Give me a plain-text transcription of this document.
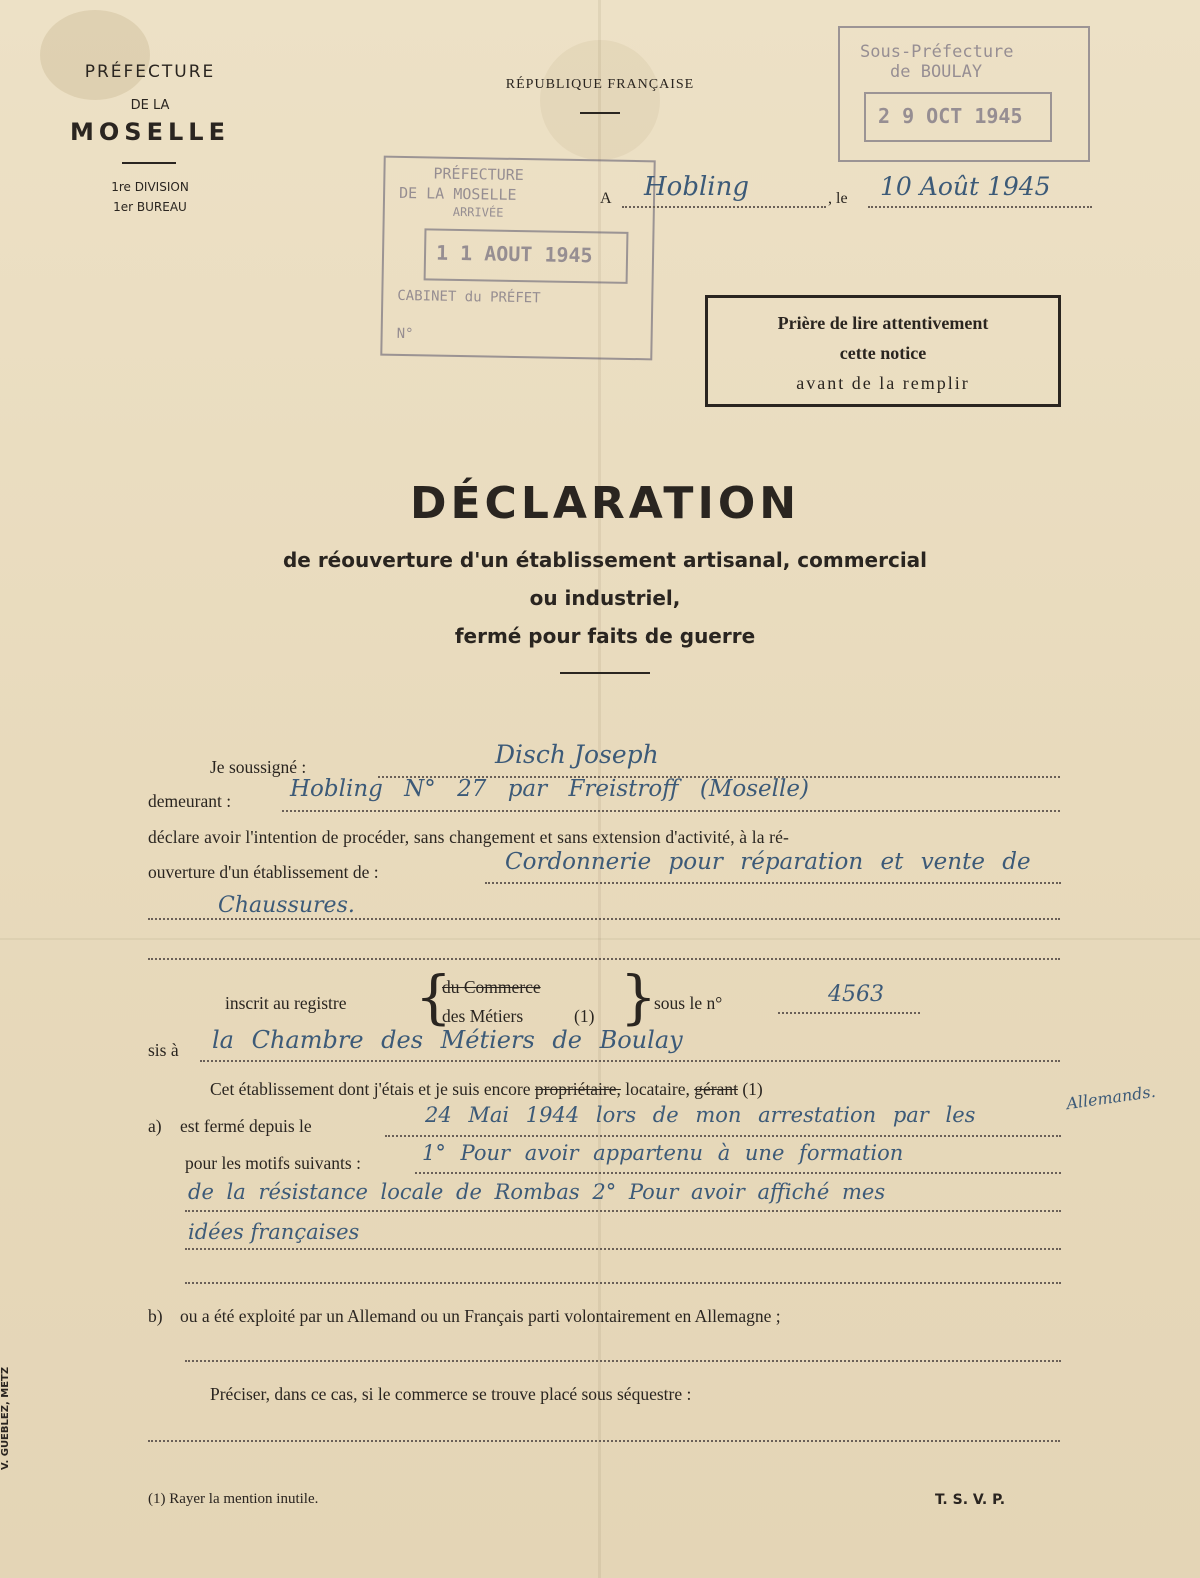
PRÉFECTURE
DE LA
MOSELLE
1re DIVISION
1er BUREAU
RÉPUBLIQUE FRANÇAISE
Sous-Préfecture
de BOULAY
2 9 OCT 1945
PRÉFECTURE
DE LA MOSELLE
ARRIVÉE
1 1 AOUT 1945
CABINET du PRÉFET
N°
A Hobling	, le 10 Août 1945
Prière de lire attentivement
cette notice
avant de la remplir
DÉCLARATION
de réouverture d'un établissement artisanal, commercial
ou industriel,
fermé pour faits de guerre
Je soussigné :	Disch Joseph
demeurant :	Hobling N° 27 par Freistroff (Moselle)
déclare avoir l'intention de procéder, sans changement et sans extension d'activité, à la ré-
ouverture d'un établissement de :	Cordonnerie pour réparation et vente de
Chaussures.
inscrit au registre {
du Commerce
des Métiers	(1) }
sous le n°	4563
sis à la Chambre des Métiers de Boulay
Cet établissement dont j'étais et je suis encore propriétaire, locataire, gérant (1)	Allemands.
a) est fermé depuis le	24 Mai 1944 lors de mon arrestation par les
pour les motifs suivants :	1° Pour avoir appartenu à une formation
de la résistance locale de Rombas 2° Pour avoir affiché mes
idées françaises
b) ou a été exploité par un Allemand ou un Français parti volontairement en Allemagne ;
Préciser, dans ce cas, si le commerce se trouve placé sous séquestre :
(1) Rayer la mention inutile.	T. S. V. P.
V. GUEBLEZ, METZ
